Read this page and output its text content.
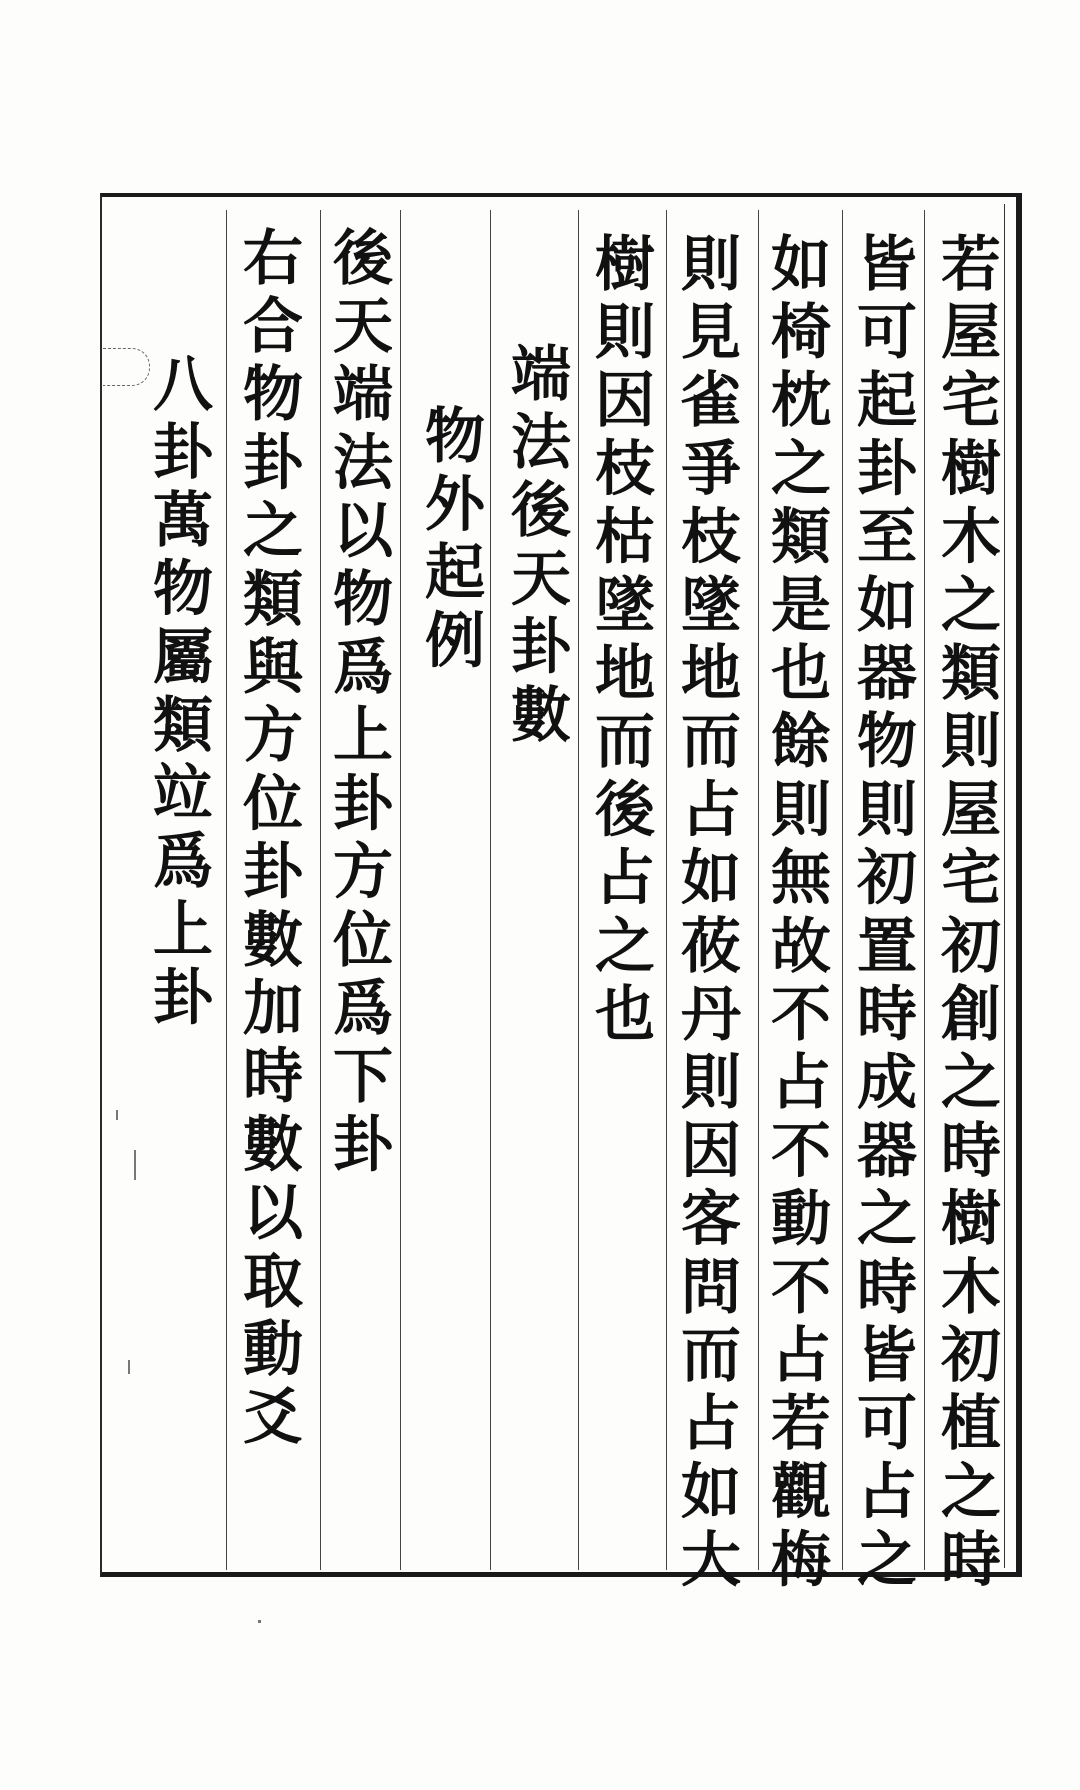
若屋宅樹木之類則屋宅初創之時樹木初植之時
皆可起卦至如器物則初置時成器之時皆可占之
如椅枕之類是也餘則無故不占不動不占若觀梅
則見雀爭枝墜地而占如莜丹則因客問而占如大
樹則因枝枯墜地而後占之也
端法後天卦數
物外起例
後天端法以物爲上卦方位爲下卦
右合物卦之類與方位卦數加時數以取動爻
八卦萬物屬類竝爲上卦
